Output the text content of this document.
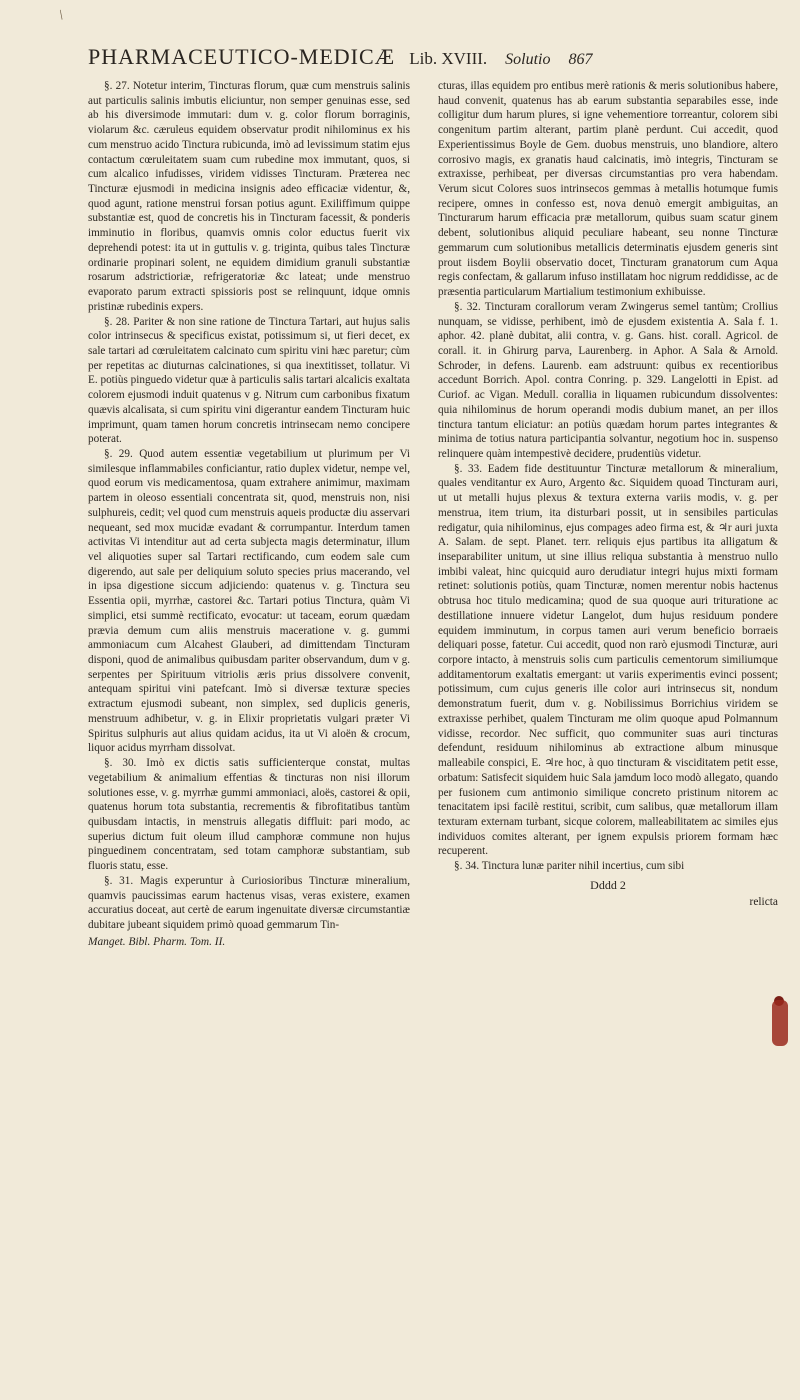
/
PHARMACEUTICO-MEDICÆ Lib. XVIII. Solutio 867

§. 27. Notetur interim, Tincturas florum, quæ cum menstruis salinis aut particulis salinis imbutis eliciuntur, non semper genuinas esse, sed ab his diversimode immutari: dum v. g. color florum borraginis, violarum &c. cæruleus equidem observatur prodit nihilominus ex his cum menstruo acido Tinctura rubicunda, imò ad levissimum statim ejus contactum cœruleitatem suam cum rubedine mox immutant, quos, si cum alcalico infudisses, viridem vidisses Tincturam. Præterea nec Tincturæ ejusmodi in medicina insignis adeo efficaciæ videntur, &, quod agunt, ratione menstrui forsan potius agunt. Exiliffimum quippe substantiæ est, quod de concretis his in Tincturam facessit, & ponderis imminutio in floribus, quamvis omnis color eductus fuerit vix deprehendi potest: ita ut in guttulis v. g. triginta, quibus tales Tincturæ ordinarie propinari solent, ne equidem dimidium granuli substantiæ rosarum adstrictioriæ, refrigeratoriæ &c lateat; unde menstruo evaporato parum extracti spissioris post se relinquunt, idque omnis pristinæ rubedinis expers.

§. 28. Pariter & non sine ratione de Tinctura Tartari, aut hujus salis color intrinsecus & specificus existat, potissimum si, ut fieri decet, ex sale tartari ad cœruleitatem calcinato cum spiritu vini hæc paretur; cùm per repetitas ac diuturnas calcinationes, si qua inextitisset, tollatur. Vi E. potiùs pinguedo videtur quæ à particulis salis tartari alcalicis exaltata colorem ejusmodi induit quatenus v g. Nitrum cum carbonibus fixatum quævis alcalisata, si cum spiritu vini digerantur eandem Tincturam huic imprimunt, quam tamen horum concretis intrinsecam nemo concipere poterat.

§. 29. Quod autem essentiæ vegetabilium ut plurimum per Vi similesque inflammabiles conficiantur, ratio duplex videtur, nempe vel, quod eorum vis medicamentosa, quam extrahere animimur, maximam partem in oleoso essentiali concentrata sit, quod, menstruis non, nisi sulphureis, cedit; vel quod cum menstruis aqueis productæ diu asservari nequeant, sed mox mucidæ evadant & corrumpantur. Interdum tamen activitas Vi intenditur aut ad certa subjecta magis determinatur, illum vel aliquoties super sal Tartari rectificando, cum eodem sale cum digerendo, aut sale per deliquium soluto species prius macerando, vel in ipsa digestione siccum adjiciendo: quatenus v. g. Tinctura seu Essentia opii, myrrhæ, castorei &c. Tartari potius Tinctura, quàm Vi simplici, etsi summè rectificato, evocatur: ut taceam, eorum quædam prævia demum cum aliis menstruis maceratione v. g. gummi ammoniacum cum Alcahest Glauberi, ad dimittendam Tincturam disponi, quod de animalibus quibusdam pariter observandum, dum v g. serpentes per Spirituum vitriolis æris prius dissolvere convenit, antequam spiritui vini patefcant. Imò si diversæ texturæ species extractum ejusmodi subeant, non simplex, sed duplicis generis, menstruum adhibetur, v. g. in Elixir proprietatis vulgari præter Vi Spiritus sulphuris aut alius quidam acidus, ita ut Vi aloën & crocum, liquor acidus myrrham dissolvat.

§. 30. Imò ex dictis satis sufficienterque constat, multas vegetabilium & animalium effentias & tincturas non nisi illorum solutiones esse, v. g. myrrhæ gummi ammoniaci, aloës, castorei & opii, quatenus horum tota substantia, recrementis & fibrofitatibus tantùm quibusdam intactis, in menstruis allegatis diffluit: pari modo, ac superius dictum fuit oleum illud camphoræ commune non hujus pinguedinem concentratam, sed totam camphoræ substantiam, sub fluoris statu, esse.

§. 31. Magis experuntur à Curiosioribus Tincturæ mineralium, quamvis paucissimas earum hactenus visas, veras existere, examen accuratius doceat, aut certè de earum ingenuitate diversæ circumstantiæ dubitare jubeant siquidem primò quoad gemmarum Tin-

Manget. Bibl. Pharm. Tom. II.

cturas, illas equidem pro entibus merè rationis & meris solutionibus habere, haud convenit, quatenus has ab earum substantia separabiles esse, inde colligitur dum harum plures, si igne vehementiore torreantur, colorem sibi congenitum partim alterant, partim planè perdunt. Cui accedit, quod Experientissimus Boyle de Gem. duobus menstruis, uno blandiore, altero corrosivo magis, ex granatis haud calcinatis, imò integris, Tincturam se extraxisse, perhibeat, per diversas circumstantias pro vera habendam. Verum sicut Colores suos intrinsecos gemmas à metallis hotumque fumis recipere, omnes in confesso est, nova denuò emergit ambiguitas, an Tincturarum harum efficacia præ metallorum, quibus suam scatur ginem debent, solutionibus aliquid peculiare habeant, seu nonne Tincturæ gemmarum cum solutionibus metallicis determinatis ejusdem generis sint prout iisdem Boylii observatio docet, Tincturam granatorum cum Aqua regis confectam, & gallarum infuso instillatam hoc nigrum reddidisse, ac de præsentia particularum Martialium testimonium exhibuisse.

§. 32. Tincturam corallorum veram Zwingerus semel tantùm; Crollius nunquam, se vidisse, perhibent, imò de ejusdem existentia A. Sala f. 1. aphor. 42. planè dubitat, alii contra, v. g. Gans. hist. corall. Agricol. de corall. it. in Ghirurg parva, Laurenberg. in Aphor. A Sala & Arnold. Schroder, in defens. Laurenb. eam adstruunt: quibus ex recentioribus accedunt Borrich. Apol. contra Conring. p. 329. Langelotti in Epist. ad Curiof. ac Vigan. Medull. corallia in liquamen rubicundum dissolventes: quia nihilominus de horum operandi modis dubium manet, an per illos tinctura tantum eliciatur: an potiùs quædam horum partes integrantes & minima de totius natura participantia solvantur, negotium hoc in. suspenso relinquere quàm intempestivè decidere, prudentiùs videtur.

§. 33. Eadem fide destituuntur Tincturæ metallorum & mineralium, quales venditantur ex Auro, Argento &c. Siquidem quoad Tincturam auri, ut ut metalli hujus plexus & textura externa variis modis, v. g. per menstrua, item trium, ita disturbari possit, ut in sensibiles particulas redigatur, quia nihilominus, ejus compages adeo firma est, & ♃r auri juxta A. Salam. de sept. Planet. terr. reliquis ejus partibus ita alligatum & inseparabiliter unitum, ut sine illius reliqua substantia à menstruo nullo imbibi valeat, hinc quicquid auro derudiatur integri hujus mixti formam retinet: solutionis potiùs, quam Tincturæ, nomen merentur nobis hactenus obtrusa hoc titulo medicamina; quod de sua quoque auri trituratione ac destillatione innuere videtur Langelot, dum hujus residuum pondere equidem imminutum, in corpus tamen auri verum beneficio borraeis deliquari posse, fatetur. Cui accedit, quod non rarò ejusmodi Tincturæ, auri corpore intacto, à menstruis solis cum particulis cementorum similiumque additamentorum exaltatis emergant: ut variis experimentis evinci possent; potissimum, cum cujus generis ille color auri intrinsecus sit, nondum demonstratum fuerit, dum v. g. Nobilissimus Borrichius viridem se extraxisse perhibet, qualem Tincturam me olim quoque apud Polmannum vidisse, recordor. Nec sufficit, quo communiter suas auri tincturas defendunt, residuum nihilominus ab extractione album minusque malleabile conspici, E. ♃re hoc, à quo tincturam & visciditatem petit esse, orbatum: Satisfecit siquidem huic Sala jamdum loco modò allegato, quando per fusionem cum antimonio similique concreto pristinum nitorem ac tenacitatem ipsi facilè restitui, scribit, cum salibus, quæ metallorum illam texturam externam turbant, sicque colorem, malleabilitatem ac similes ejus individuos comites alterant, per ignem expulsis priorem formam hæc recuperent.

§. 34. Tinctura lunæ pariter nihil incertius, cum sibi

Dddd 2
relicta
